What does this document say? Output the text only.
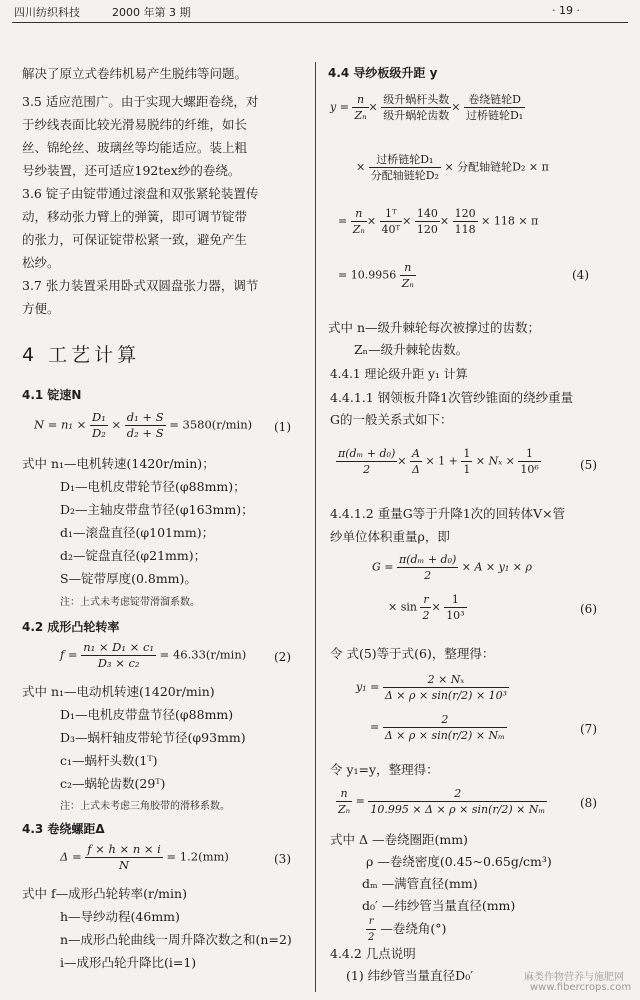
四川纺织科技	2000 年第 3 期	· 19 ·
解决了原立式卷纬机易产生脱纬等问题。
3.5 适应范围广。由于实现大螺距卷绕，对
于纱线表面比较光滑易脱纬的纤维，如长
丝、锦纶丝、玻璃丝等均能适应。装上粗
号纱装置，还可适应192tex纱的卷绕。
3.6 锭子由锭带通过滚盘和双张紧轮装置传
动，移动张力臂上的弹簧，即可调节锭带
的张力，可保证锭带松紧一致，避免产生
松纱。
3.7 张力装置采用卧式双圆盘张力器，调节
方便。
4 工艺计算
4.1 锭速N
$N = n_1 \times \frac{\text{D₁}}{\text{D₂}} \times \frac{\text{d₁ + S}}{\text{d₂ + S}} = 3580(r/\min)$ (1)
式中 n₁—电机转速(1420r/min)；
D₁—电机皮带轮节径(φ88mm)；
D₂—主轴皮带盘节径(φ163mm)；
d₁—滚盘直径(φ101mm)；
d₂—锭盘直径(φ21mm)；
S—锭带厚度(0.8mm)。
注：上式未考虑锭带滑溜系数。
4.2 成形凸轮转率
$f = \frac{\text{n₁ × D₁ × c₁}}{\text{D₃ × c₂}} = 46.33(r/\min)$ (2)
式中 n₁—电动机转速(1420r/min)
D₁—电机皮带盘节径(φ88mm)
D₃—蜗杆轴皮带轮节径(φ93mm)
c₁—蜗杆头数(1ᵀ)
c₂—蜗轮齿数(29ᵀ)
注：上式未考虑三角胶带的滑移系数。
4.3 卷绕螺距Δ
$\Delta = \frac{f \times h \times n \times i}{N} = 1.2(mm)$	(3)
式中 f—成形凸轮转率(r/min)
h—导纱动程(46mm)
n—成形凸轮曲线一周升降次数之和(n=2)
i—成形凸轮升降比(i=1)
4.4 导纱板级升距 y
$y = \frac{n}{\text{Zₙ}} \times \frac{\text{级升蜗杆头数}}{\text{级升蜗轮齿数}} \times \frac{\text{卷绕链轮D}}{\text{过桥链轮D₁}}$
× $\frac{\text{过桥链轮D₁}}{\text{分配轴链轮D₂}}$ × 分配轴链轮D₂ × π
= $\frac{n}{\text{Zₙ}} \times \frac{\text{1ᵀ}}{\text{40ᵀ}} \times \frac{140}{120} \times \frac{120}{118} \times 118 \times \pi$
= $10.9956 \frac{n}{\text{Zₙ}}$	(4)
式中 n—级升棘轮每次被撑过的齿数；
Zₙ—级升棘轮齿数。
4.4.1 理论级升距 y₁ 计算
4.4.1.1 钢领板升降1次管纱锥面的绕纱重量
G的一般关系式如下：
$\frac{\text{π(dₘ + d₀)}}{2} \times \frac{A}{\Delta} \times 1 + \frac{1}{1} \times N_x \times \frac{1}{\text{10⁶}}$	(5)
4.4.1.2 重量G等于升降1次的回转体V×管
纱单位体积重量ρ，即
$G = \frac{\text{π(dₘ + d₀)}}{2} \times A \times y_1 \times \rho$
× $\sin \frac{r}{2} \times \frac{1}{\text{10³}}$	(6)
令 式(5)等于式(6)，整理得：
$y_1 = \frac{\text{2 × Nₓ}}{\text{Δ × ρ × sin(r/2) × 10³}}$
= $\frac{2}{\text{Δ × ρ × sin(r/2) × Nₘ}}$	(7)
令 y₁=y，整理得：
$\frac{n}{\text{Zₙ}} = \frac{2}{\text{10.995 × Δ × ρ × sin(r/2) × Nₘ}}$	(8)
式中 Δ —卷绕圈距(mm)
ρ —卷绕密度(0.45~0.65g/cm³)
dₘ —满管直径(mm)
d₀′ —纬纱管当量直径(mm)
$\frac{r}{2}$ —卷绕角(°)
4.4.2 几点说明
(1) 纬纱管当量直径D₀′	麻类作物营养与施肥网
www.fibercrops.com
